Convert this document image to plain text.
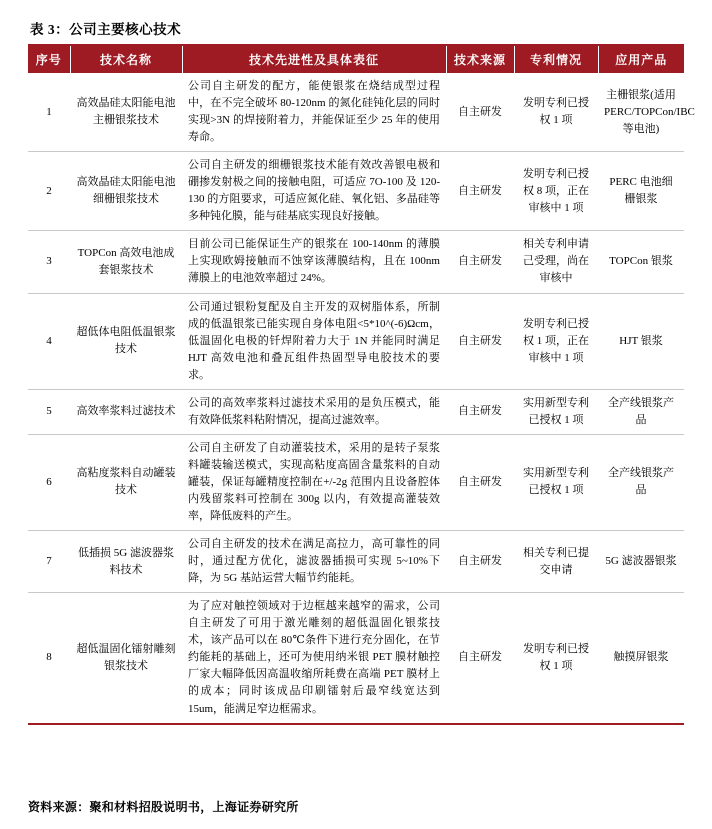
表 3：公司主要核心技术
序号	技术名称	技术先进性及具体表征	技术来源	专利情况	应用产品
1	高效晶硅太阳能电池主栅银浆技术	公司自主研发的配方，能使银浆在烧结成型过程中，在不完全破坏 80-120nm 的氮化硅钝化层的同时实现>3N 的焊接附着力，并能保证至少 25 年的使用寿命。	自主研发	发明专利已授权 1 项	主栅银浆(适用 PERC/TOPCon/IBC 等电池)
2	高效晶硅太阳能电池细栅银浆技术	公司自主研发的细栅银浆技术能有效改善银电极和硼掺发射极之间的接触电阻，可适应 7O-100 及 120-130 的方阻要求，可适应氮化硅、氧化铝、多晶硅等多种钝化膜，能与硅基底实现良好接触。	自主研发	发明专利已授权 8 项，正在审核中 1 项	PERC 电池细栅银浆
3	TOPCon 高效电池成套银浆技术	目前公司已能保证生产的银浆在 100-140nm 的薄膜上实现欧姆接触而不蚀穿该薄膜结构，且在 100nm 薄膜上的电池效率超过 24%。	自主研发	相关专利申请己受理，尚在审核中	TOPCon 银浆
4	超低体电阻低温银浆技术	公司通过银粉复配及自主开发的双树脂体系，所制成的低温银浆已能实现自身体电阻<5*10^(-6)Ωcm，低温固化电极的钎焊附着力大于 1N 并能同时满足 HJT 高效电池和叠瓦组件热固型导电胶技术的要求。	自主研发	发明专利已授权 1 项，正在审核中 1 项	HJT 银浆
5	高效率浆料过滤技术	公司的高效率浆料过滤技术采用的是负压模式，能有效降低浆料粘附情况，提高过滤效率。	自主研发	实用新型专利已授权 1 项	全产线银浆产品
6	高粘度浆料自动罐装技术	公司自主研发了自动灌装技术，采用的是转子泵浆料罐装输送模式，实现高粘度高固含量浆料的自动罐装，保证每罐精度控制在+/-2g 范围内且设备腔体内残留浆料可控制在 300g 以内，有效提高灌装效率，降低废料的产生。	自主研发	实用新型专利已授权 1 项	全产线银浆产品
7	低插损 5G 滤波器浆料技术	公司自主研发的技术在满足高拉力，高可靠性的同时，通过配方优化，滤波器插损可实现 5~10%下降，为 5G 基站运营大幅节约能耗。	自主研发	相关专利已提交申请	5G 滤波器银浆
8	超低温固化镭射雕刻银浆技术	为了应对触控领域对于边框越来越窄的需求，公司自主研发了可用于激光雕刻的超低温固化银浆技术，该产品可以在 80℃条件下进行充分固化，在节约能耗的基础上，还可为使用纳米银 PET 膜材触控厂家大幅降低因高温收缩所耗费在高端 PET 膜材上的成本；同时该成品印刷镭射后最窄线宽达到 15um，能满足窄边框需求。	自主研发	发明专利已授权 1 项	触摸屏银浆
资料来源：聚和材料招股说明书，上海证券研究所
